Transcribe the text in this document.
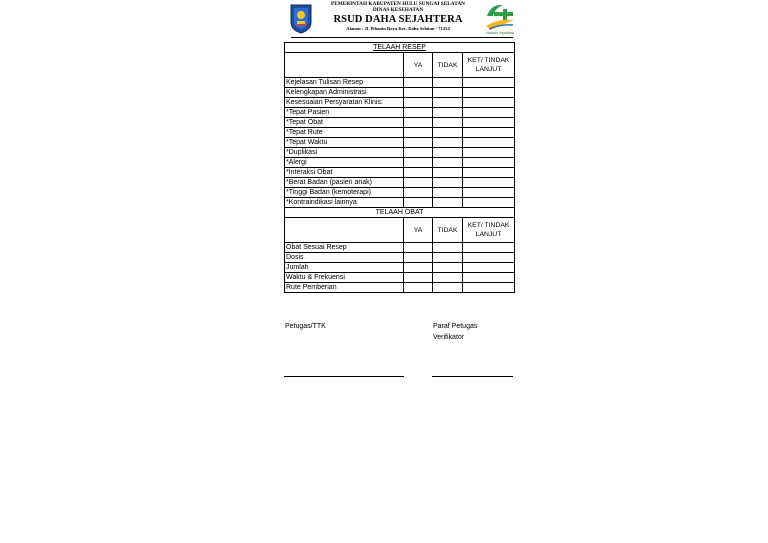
PEMERINTAH KABUPATEN HULU SUNGAI SELATAN
DINAS KESEHATAN
RSUD DAHA SEJAHTERA
Alamat : Jl. Pihanin Raya Kec. Daha Selatan - 71254
Husada Sejahtera
TELAAH RESEP			
	YA	TIDAK	KET/ TINDAK LANJUT
Kejelasan Tulisan Resep			
Kelengkapan Administrasi			
Kesesuaian Persyaratan Klinis:			
*Tepat Pasien			
*Tepat Obat			
*Tepat Rute			
*Tepat Waktu			
*Duplikasi			
*Alergi			
*Interaksi Obat			
*Berat Badan (pasien anak)			
*Tinggi Badan (kemoterapi)			
*Kontraindikasi lainnya			
TELAAH OBAT			
	YA	TIDAK	KET/ TINDAK LANJUT
Obat Sesuai Resep			
Dosis			
Jumlah			
Waktu & Frekuensi			
Rute Pemberian			
Petugas/TTK	Paraf Petugas
Verifikator
